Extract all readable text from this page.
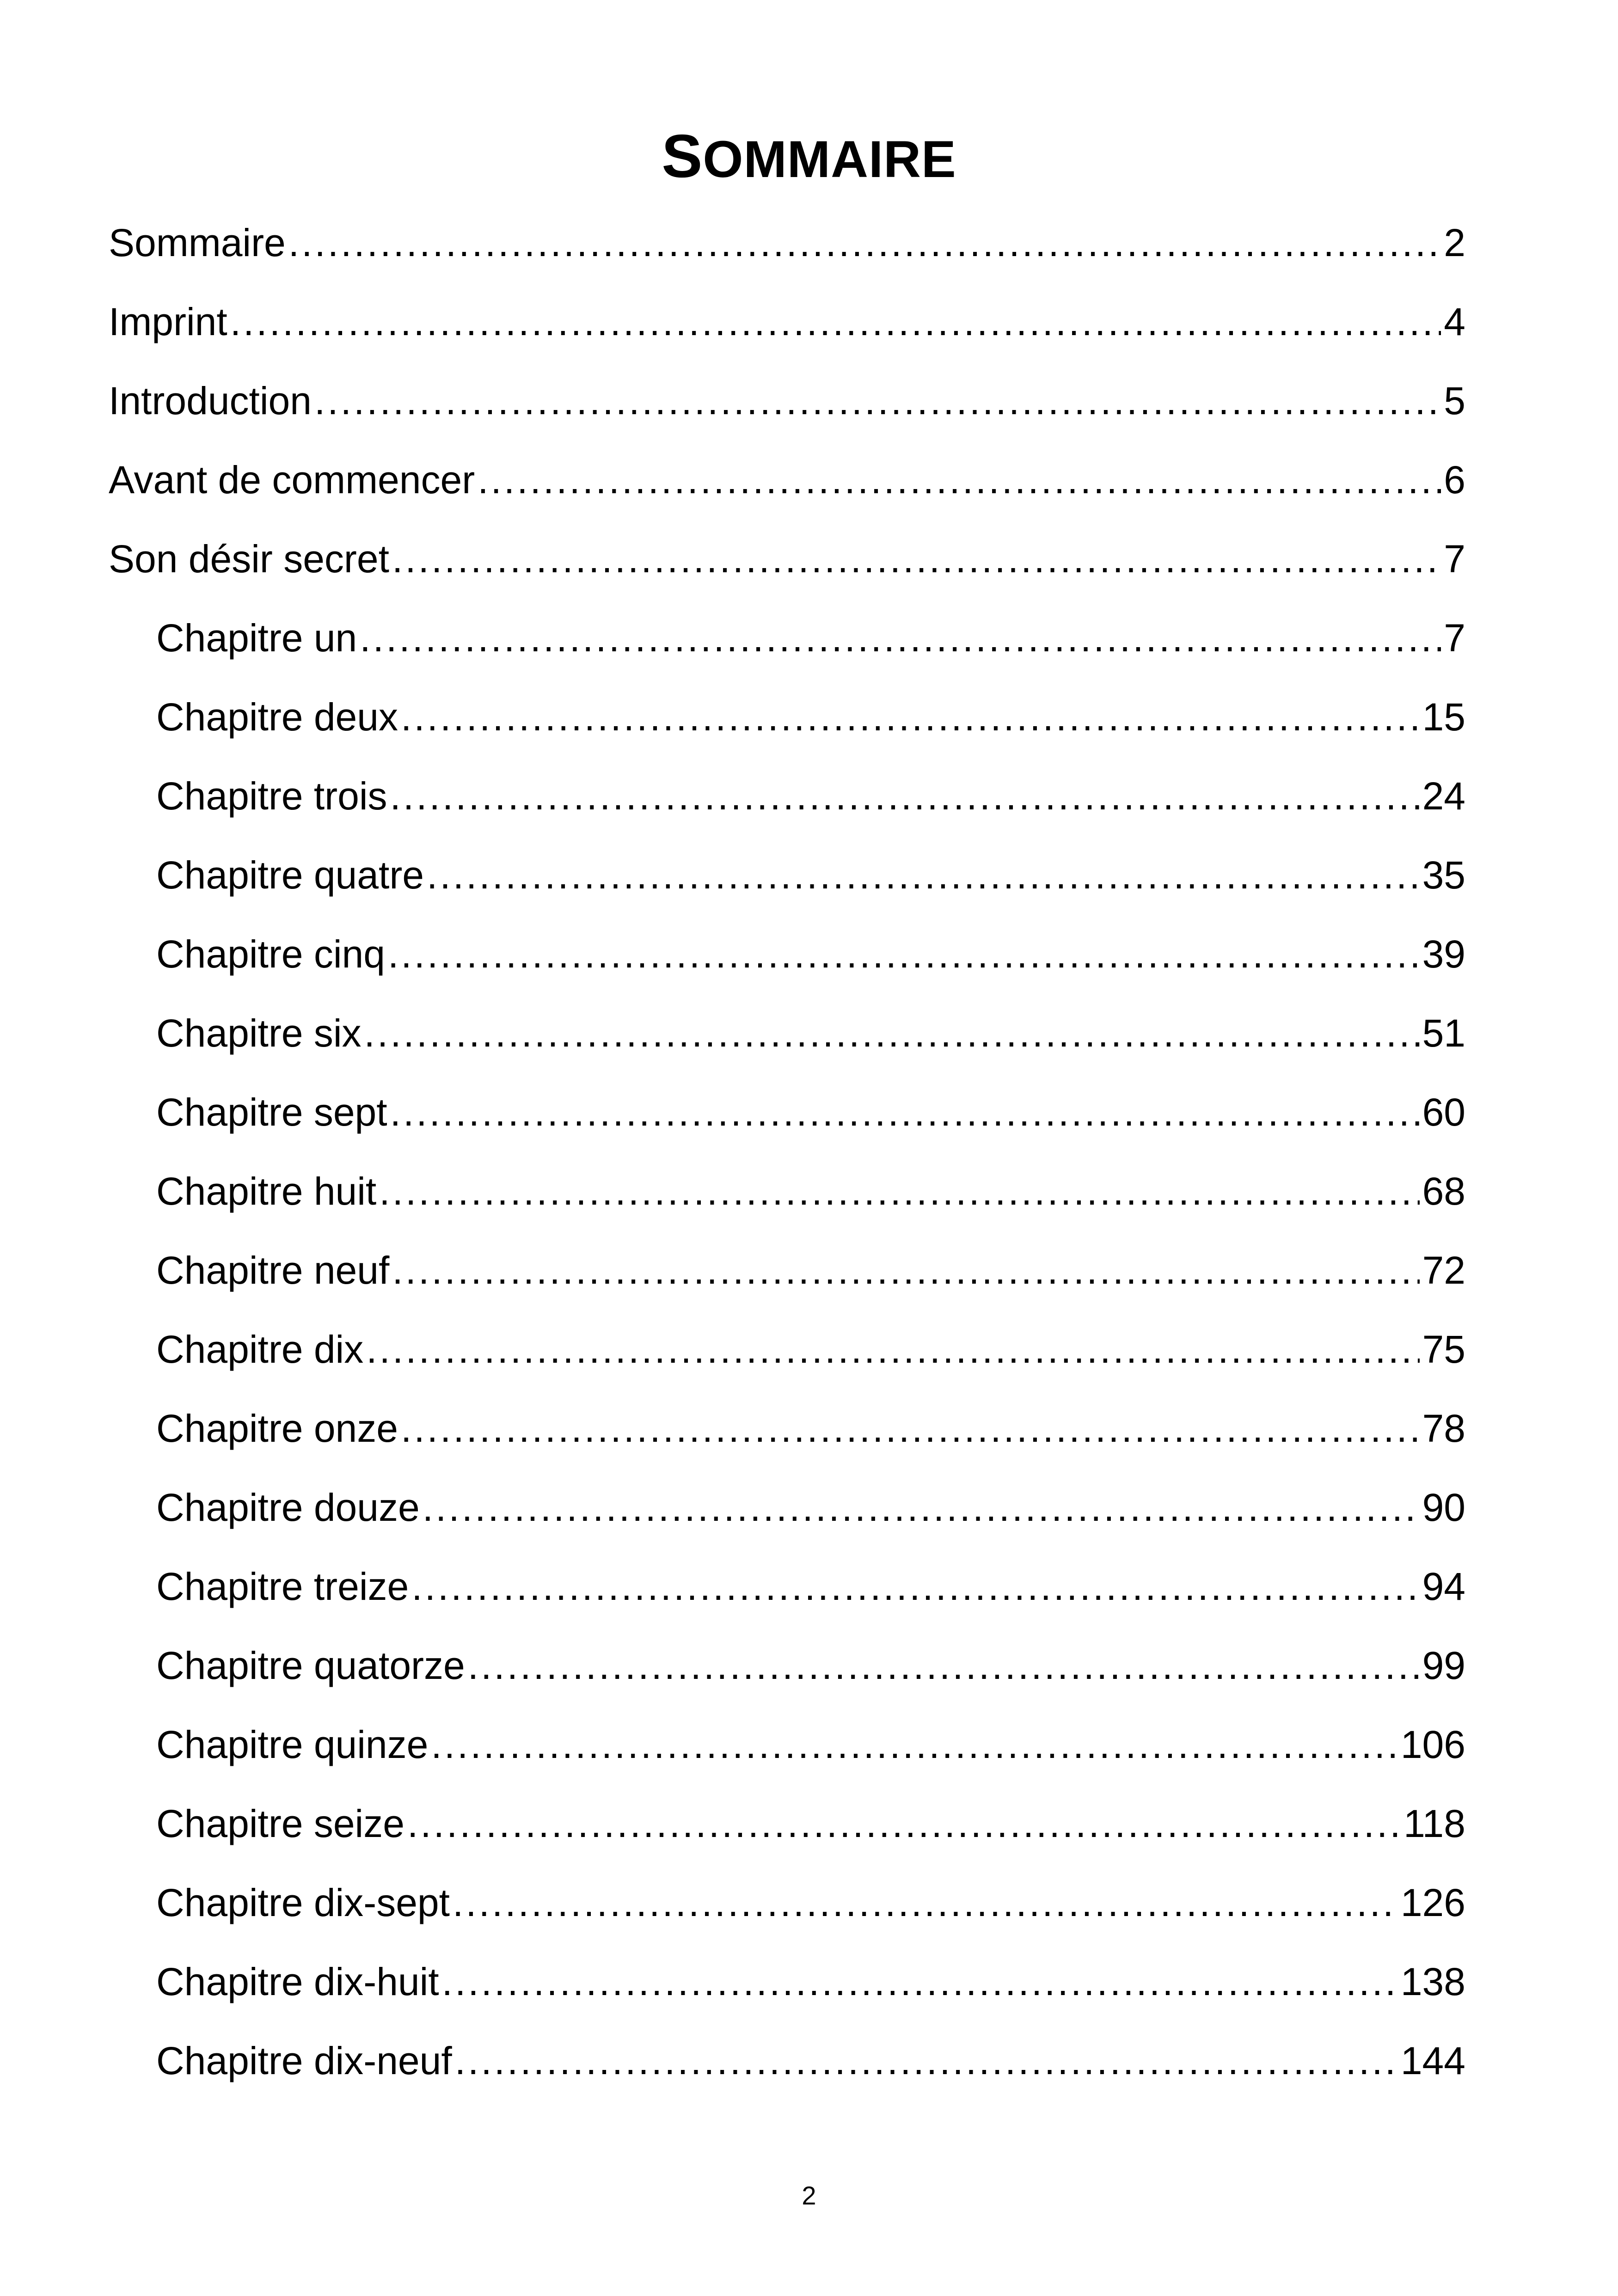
SOMMAIRE
Sommaire .....	2
Imprint .....	4
Introduction .....	5
Avant de commencer .....	6
Son désir secret .....	7
Chapitre un .....	7
Chapitre deux .....	15
Chapitre trois .....	24
Chapitre quatre .....	35
Chapitre cinq .....	39
Chapitre six .....	51
Chapitre sept .....	60
Chapitre huit .....	68
Chapitre neuf .....	72
Chapitre dix .....	75
Chapitre onze .....	78
Chapitre douze .....	90
Chapitre treize .....	94
Chapitre quatorze .....	99
Chapitre quinze .....	106
Chapitre seize .....	118
Chapitre dix-sept .....	126
Chapitre dix-huit .....	138
Chapitre dix-neuf .....	144
2
